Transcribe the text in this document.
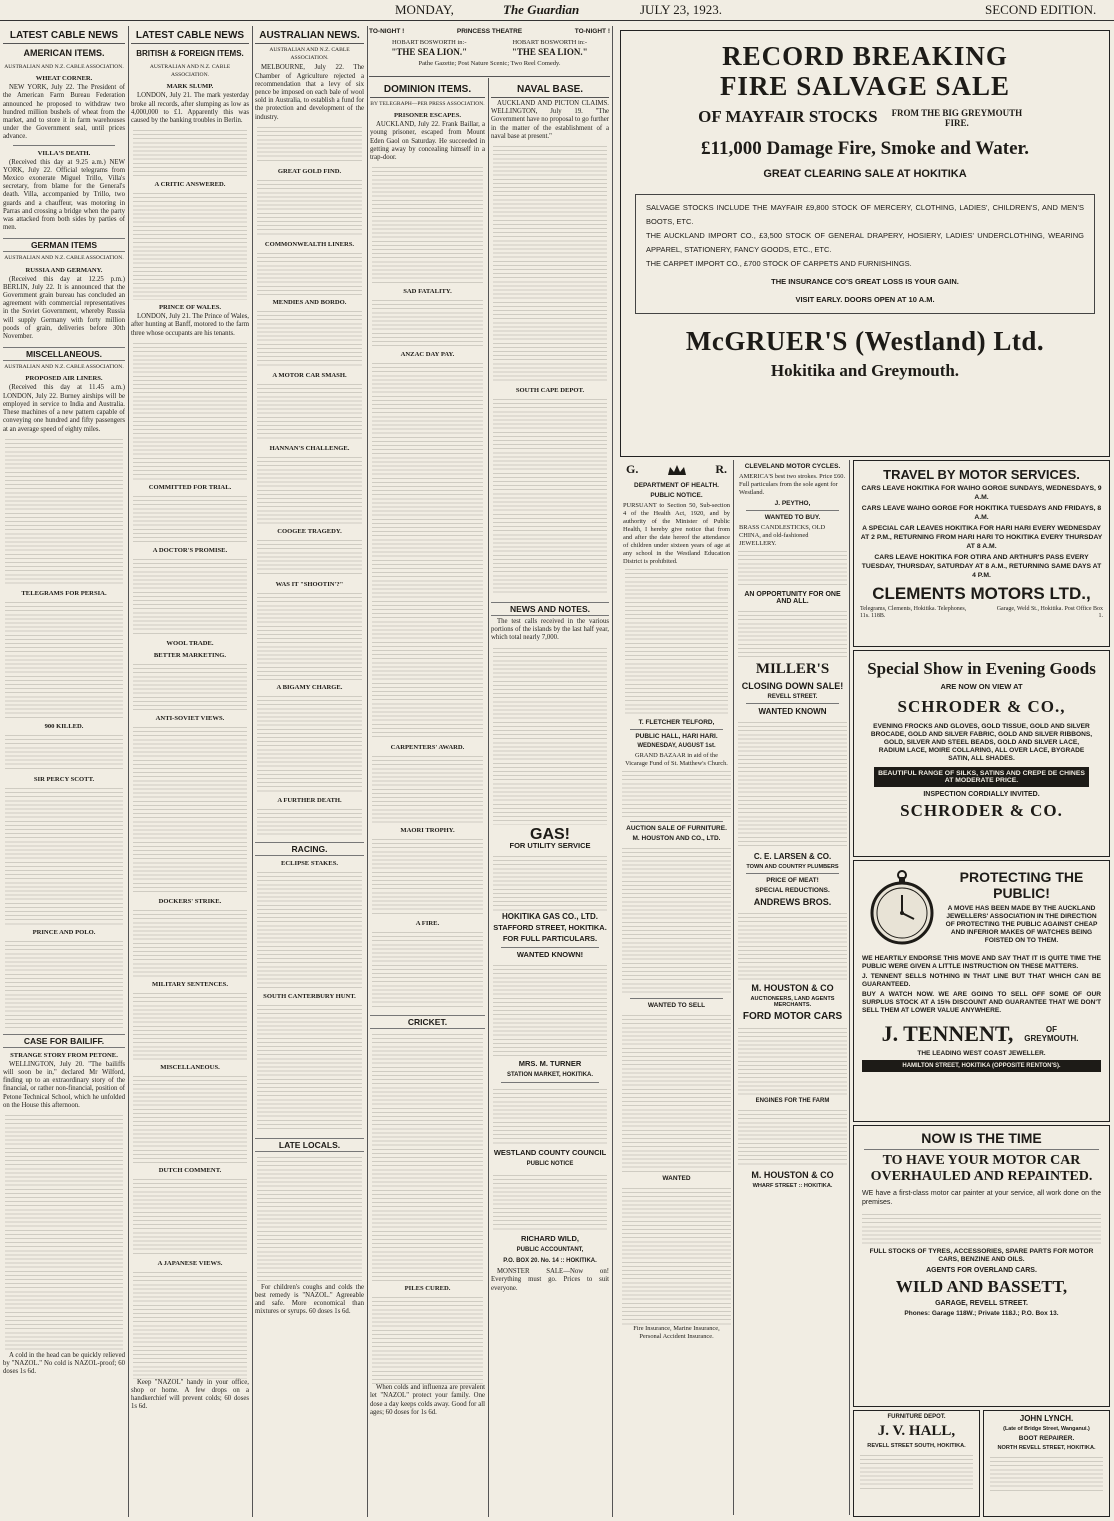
MONDAY,	The Guardian	JULY 23, 1923.	SECOND EDITION.
LATEST CABLE NEWS
AMERICAN ITEMS.
AUSTRALIAN AND N.Z. CABLE ASSOCIATION.
WHEAT CORNER.

NEW YORK, July 22. The President of the American Farm Bureau Federation announced he proposed to withdraw two hundred million bushels of wheat from the market, and to store it in farm warehouses under the Government seal, until prices advance.

VILLA'S DEATH.

(Received this day at 9.25 a.m.) NEW YORK, July 22. Official telegrams from Mexico exonerate Miguel Trillo, Villa's secretary, from blame for the General's death. Villa, accompanied by Trillo, two guards and a chauffeur, was motoring in Parras and crossing a bridge when the party was attacked from both sides by parties of men.

GERMAN ITEMS
AUSTRALIAN AND N.Z. CABLE ASSOCIATION.
RUSSIA AND GERMANY.

(Received this day at 12.25 p.m.) BERLIN, July 22. It is announced that the Government grain bureau has concluded an agreement with commercial representatives in the Soviet Government, whereby Russia will supply Germany with forty million poods of grain, deliveries before 30th November.

MISCELLANEOUS.
AUSTRALIAN AND N.Z. CABLE ASSOCIATION.
PROPOSED AIR LINERS.

(Received this day at 11.45 a.m.) LONDON, July 22. Burney airships will be employed in service to India and Australia. These machines of a new pattern capable of conveying one hundred and fifty passengers at an average speed of eighty miles.

TELEGRAMS FOR PERSIA.
900 KILLED.
SIR PERCY SCOTT.
PRINCE AND POLO.
CASE FOR BAILIFF.
STRANGE STORY FROM PETONE.

WELLINGTON, July 20. "The bailiffs will soon be in," declared Mr Wilford, finding up to an extraordinary story of the financial, or rather non-financial, position of Petone Technical School, which he unfolded on the House this afternoon.

A cold in the head can be quickly relieved by "NAZOL." No cold is NAZOL-proof; 60 doses 1s 6d.

LATEST CABLE NEWS
BRITISH & FOREIGN ITEMS.
AUSTRALIAN AND N.Z. CABLE ASSOCIATION.
MARK SLUMP.

LONDON, July 21. The mark yesterday broke all records, after slumping as low as 4,000,000 to £1. Apparently this was caused by the banking troubles in Berlin.

A CRITIC ANSWERED.
PRINCE OF WALES.

LONDON, July 21. The Prince of Wales, after hunting at Banff, motored to the farm three whose occupants are his tenants.

COMMITTED FOR TRIAL.
A DOCTOR'S PROMISE.
WOOL TRADE.
BETTER MARKETING.
ANTI-SOVIET VIEWS.
DOCKERS' STRIKE.
MILITARY SENTENCES.
MISCELLANEOUS.
DUTCH COMMENT.
A JAPANESE VIEWS.

Keep "NAZOL" handy in your office, shop or home. A few drops on a handkerchief will prevent colds; 60 doses 1s 6d.

AUSTRALIAN NEWS.
AUSTRALIAN AND N.Z. CABLE ASSOCIATION.

MELBOURNE, July 22. The Chamber of Agriculture rejected a recommendation that a levy of six pence be imposed on each bale of wool sold in Australia, to establish a fund for the protection and development of the industry.

GREAT GOLD FIND.
COMMONWEALTH LINERS.
MENDIES AND BORDO.
A MOTOR CAR SMASH.
HANNAN'S CHALLENGE.
COOGEE TRAGEDY.
WAS IT "SHOOTIN'?"
A BIGAMY CHARGE.
A FURTHER DEATH.
RACING.
ECLIPSE STAKES.
SOUTH CANTERBURY HUNT.
LATE LOCALS.

For children's coughs and colds the best remedy is "NAZOL." Agreeable and safe. More economical than mixtures or syrups. 60 doses 1s 6d.

TO-NIGHT !	PRINCESS THEATRE	TO-NIGHT !
HOBART BOSWORTH in:-	HOBART BOSWORTH in:-
"THE SEA LION."	"THE SEA LION."
Pathe Gazette; Post Nature Scenic; Two Reel Comedy.
DOMINION ITEMS.
BY TELEGRAPH—PER PRESS ASSOCIATION.
PRISONER ESCAPES.

AUCKLAND, July 22. Frank Baillar, a young prisoner, escaped from Mount Eden Gaol on Saturday. He succeeded in getting away by concealing himself in a trap-door.

SAD FATALITY.
ANZAC DAY PAY.
CARPENTERS' AWARD.
MAORI TROPHY.
A FIRE.
CRICKET.
PILES CURED.

When colds and influenza are prevalent let "NAZOL" protect your family. One dose a day keeps colds away. Good for all ages; 60 doses for 1s 6d.

NAVAL BASE.

AUCKLAND AND PICTON CLAIMS. WELLINGTON, July 19. "The Government have no proposal to go further in the matter of the establishment of a naval base at present."

SOUTH CAPE DEPOT.
NEWS AND NOTES.

The test calls received in the various portions of the islands by the last half year, which total nearly 7,000.

GAS!
FOR UTILITY SERVICE
HOKITIKA GAS CO., LTD.
STAFFORD STREET, HOKITIKA.
FOR FULL PARTICULARS.
WANTED KNOWN!
MRS. M. TURNER
STATION MARKET, HOKITIKA.
WESTLAND COUNTY COUNCIL
PUBLIC NOTICE
RICHARD WILD,
PUBLIC ACCOUNTANT,
P.O. BOX 20. No. 14 :: HOKITIKA.

MONSTER SALE—Now on! Everything must go. Prices to suit everyone.

RECORD BREAKING
FIRE SALVAGE SALE
OF MAYFAIR STOCKS FROM THE BIG GREYMOUTH FIRE.
£11,000 Damage Fire, Smoke and Water.
GREAT CLEARING SALE AT HOKITIKA
SALVAGE STOCKS INCLUDE THE MAYFAIR £9,800 STOCK OF MERCERY, CLOTHING, LADIES', CHILDREN'S, AND MEN'S BOOTS, ETC.
THE AUCKLAND IMPORT CO., £3,500 STOCK OF GENERAL DRAPERY, HOSIERY, LADIES' UNDERCLOTHING, WEARING APPAREL, STATIONERY, FANCY GOODS, ETC., ETC.
THE CARPET IMPORT CO., £700 STOCK OF CARPETS AND FURNISHINGS.
THE INSURANCE CO'S GREAT LOSS IS YOUR GAIN.
VISIT EARLY. DOORS OPEN AT 10 A.M.
McGRUER'S (Westland) Ltd.
Hokitika and Greymouth.
G.	R.
DEPARTMENT OF HEALTH.
PUBLIC NOTICE.

PURSUANT to Section 50, Sub-section 4 of the Health Act, 1920, and by authority of the Minister of Public Health, I hereby give notice that from and after the date hereof the attendance of children under sixteen years of age at any school in the Westland Education District is prohibited.

T. FLETCHER TELFORD,
PUBLIC HALL, HARI HARI.
WEDNESDAY, AUGUST 1st.

GRAND BAZAAR in aid of the Vicarage Fund of St. Matthew's Church.

AUCTION SALE OF FURNITURE.
M. HOUSTON AND CO., LTD.
WANTED TO SELL
WANTED

Fire Insurance, Marine Insurance, Personal Accident Insurance.

CLEVELAND MOTOR CYCLES.

AMERICA'S best two strokes. Price £60. Full particulars from the sole agent for Westland.

J. PEYTHO,
WANTED TO BUY.

BRASS CANDLESTICKS, OLD CHINA, and old-fashioned JEWELLERY.

AN OPPORTUNITY FOR ONE AND ALL.
MILLER'S
CLOSING DOWN SALE!
REVELL STREET.
WANTED KNOWN
C. E. LARSEN & CO.
TOWN AND COUNTRY PLUMBERS
PRICE OF MEAT!
SPECIAL REDUCTIONS.
ANDREWS BROS.
M. HOUSTON & CO
AUCTIONEERS, LAND AGENTS MERCHANTS.
FORD MOTOR CARS
ENGINES FOR THE FARM
M. HOUSTON & CO
WHARF STREET :: HOKITIKA.
TRAVEL BY MOTOR SERVICES.
CARS LEAVE HOKITIKA FOR WAIHO GORGE SUNDAYS, WEDNESDAYS, 9 A.M.
CARS LEAVE WAIHO GORGE FOR HOKITIKA TUESDAYS AND FRIDAYS, 8 A.M.
A SPECIAL CAR LEAVES HOKITIKA FOR HARI HARI EVERY WEDNESDAY AT 2 P.M., RETURNING FROM HARI HARI TO HOKITIKA EVERY THURSDAY AT 8 A.M.
CARS LEAVE HOKITIKA FOR OTIRA AND ARTHUR'S PASS EVERY TUESDAY, THURSDAY, SATURDAY AT 8 A.M., RETURNING SAME DAYS AT 4 P.M.
CLEMENTS MOTORS LTD.,
Telegrams, Clements, Hokitika. Telephones, 11s. 118B.
Garage, Weld St., Hokitika. Post Office Box 1.
Special Show in Evening Goods
ARE NOW ON VIEW AT
SCHRODER & CO.,
EVENING FROCKS AND GLOVES, GOLD TISSUE, GOLD AND SILVER BROCADE, GOLD AND SILVER FABRIC, GOLD AND SILVER RIBBONS, GOLD, SILVER AND STEEL BEADS, GOLD AND SILVER LACE, RADIUM LACE, MOIRE COLLARING, ALL OVER LACE, BYGRADE SATIN, ALL SHADES.
BEAUTIFUL RANGE OF SILKS, SATINS AND CREPE DE CHINES AT MODERATE PRICE.
INSPECTION CORDIALLY INVITED.
SCHRODER & CO.
PROTECTING THE PUBLIC!
A MOVE HAS BEEN MADE BY THE AUCKLAND JEWELLERS' ASSOCIATION IN THE DIRECTION OF PROTECTING THE PUBLIC AGAINST CHEAP AND INFERIOR MAKES OF WATCHES BEING FOISTED ON TO THEM.
WE HEARTILY ENDORSE THIS MOVE AND SAY THAT IT IS QUITE TIME THE PUBLIC WERE GIVEN A LITTLE INSTRUCTION ON THESE MATTERS.
J. TENNENT SELLS NOTHING IN THAT LINE BUT THAT WHICH CAN BE GUARANTEED.
BUY A WATCH NOW. WE ARE GOING TO SELL OFF SOME OF OUR SURPLUS STOCK AT A 15% DISCOUNT AND GUARANTEE THAT WE DON'T SELL THEM AT LOWER VALUE ANYWHERE.
J. TENNENT,	OF GREYMOUTH.
THE LEADING WEST COAST JEWELLER.
HAMILTON STREET, HOKITIKA (OPPOSITE RENTON'S).
NOW IS THE TIME
TO HAVE YOUR MOTOR CAR
OVERHAULED AND REPAINTED.
WE have a first-class motor car painter at your service, all work done on the premises.
FULL STOCKS OF TYRES, ACCESSORIES, SPARE PARTS FOR MOTOR CARS, BENZINE AND OILS.
AGENTS FOR OVERLAND CARS.
WILD AND BASSETT,
GARAGE, REVELL STREET.
Phones: Garage 118W.; Private 118J.; P.O. Box 13.
FURNITURE DEPOT.
J. V. HALL,
REVELL STREET SOUTH, HOKITIKA.
JOHN LYNCH.
(Late of Bridge Street, Wanganui.)
BOOT REPAIRER.
NORTH REVELL STREET, HOKITIKA.
